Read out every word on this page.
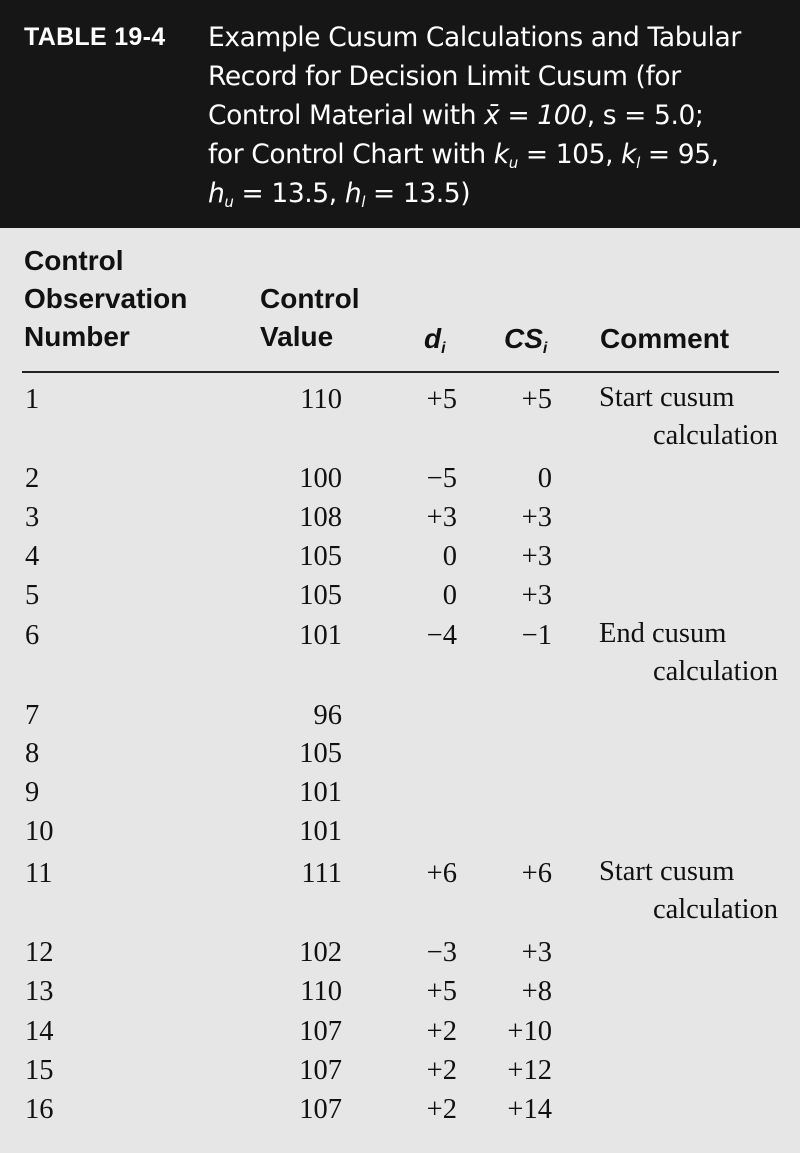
TABLE 19-4 Example Cusum Calculations and Tabular
Record for Decision Limit Cusum (for
Control Material with x̄ = 100, s = 5.0;
for Control Chart with $k_u = 105$, $k_l = 95$,
$h_u = 13.5$, $h_l = 13.5$)
Control
Observation
Number
Control
Value	$d_i$ $CS_i$ Comment
1	110	+5 +5	Start cusum
calculation
2	100	−5	0
3	108	+3 +3
4	105	0 +3
5	105	0 +3
6	101	−4 −1	End cusum
calculation
7	96
8	105
9	101
10	101
11	111	+6 +6	Start cusum
calculation
12	102	−3 +3
13	110	+5 +8
14	107	+2 +10
15	107	+2 +12
16	107	+2 +14
